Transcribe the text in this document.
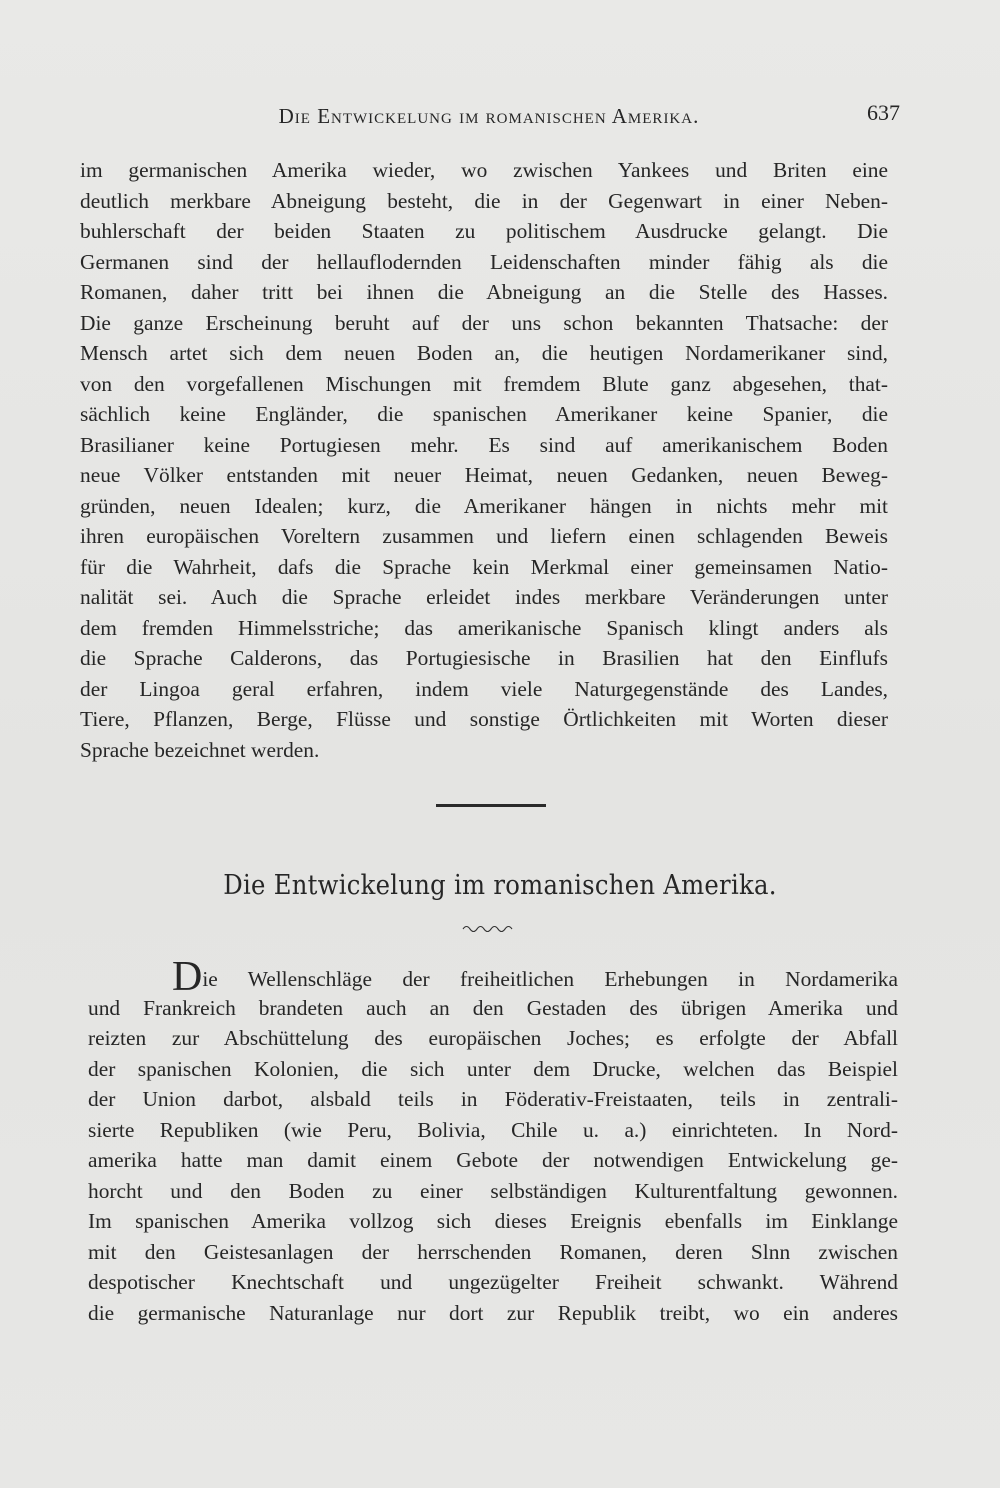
Die Entwickelung im romanischen Amerika.	637
im germanischen Amerika wieder, wo zwischen Yankees und Briten eine
deutlich merkbare Abneigung besteht, die in der Gegenwart in einer Neben-
buhlerschaft der beiden Staaten zu politischem Ausdrucke gelangt. Die
Germanen sind der hellauflodernden Leidenschaften minder fähig als die
Romanen, daher tritt bei ihnen die Abneigung an die Stelle des Hasses.
Die ganze Erscheinung beruht auf der uns schon bekannten Thatsache: der
Mensch artet sich dem neuen Boden an, die heutigen Nordamerikaner sind,
von den vorgefallenen Mischungen mit fremdem Blute ganz abgesehen, that-
sächlich keine Engländer, die spanischen Amerikaner keine Spanier, die
Brasilianer keine Portugiesen mehr. Es sind auf amerikanischem Boden
neue Völker entstanden mit neuer Heimat, neuen Gedanken, neuen Beweg-
gründen, neuen Idealen; kurz, die Amerikaner hängen in nichts mehr mit
ihren europäischen Voreltern zusammen und liefern einen schlagenden Beweis
für die Wahrheit, dafs die Sprache kein Merkmal einer gemeinsamen Natio-
nalität sei. Auch die Sprache erleidet indes merkbare Veränderungen unter
dem fremden Himmelsstriche; das amerikanische Spanisch klingt anders als
die Sprache Calderons, das Portugiesische in Brasilien hat den Einflufs
der Lingoa geral erfahren, indem viele Naturgegenstände des Landes,
Tiere, Pflanzen, Berge, Flüsse und sonstige Örtlichkeiten mit Worten dieser
Sprache bezeichnet werden.
Die Entwickelung im romanischen Amerika.
Die Wellenschläge der freiheitlichen Erhebungen in Nordamerika
und Frankreich brandeten auch an den Gestaden des übrigen Amerika und
reizten zur Abschüttelung des europäischen Joches; es erfolgte der Abfall
der spanischen Kolonien, die sich unter dem Drucke, welchen das Beispiel
der Union darbot, alsbald teils in Föderativ-Freistaaten, teils in zentrali-
sierte Republiken (wie Peru, Bolivia, Chile u. a.) einrichteten. In Nord-
amerika hatte man damit einem Gebote der notwendigen Entwickelung ge-
horcht und den Boden zu einer selbständigen Kulturentfaltung gewonnen.
Im spanischen Amerika vollzog sich dieses Ereignis ebenfalls im Einklange
mit den Geistesanlagen der herrschenden Romanen, deren Slnn zwischen
despotischer Knechtschaft und ungezügelter Freiheit schwankt. Während
die germanische Naturanlage nur dort zur Republik treibt, wo ein anderes
